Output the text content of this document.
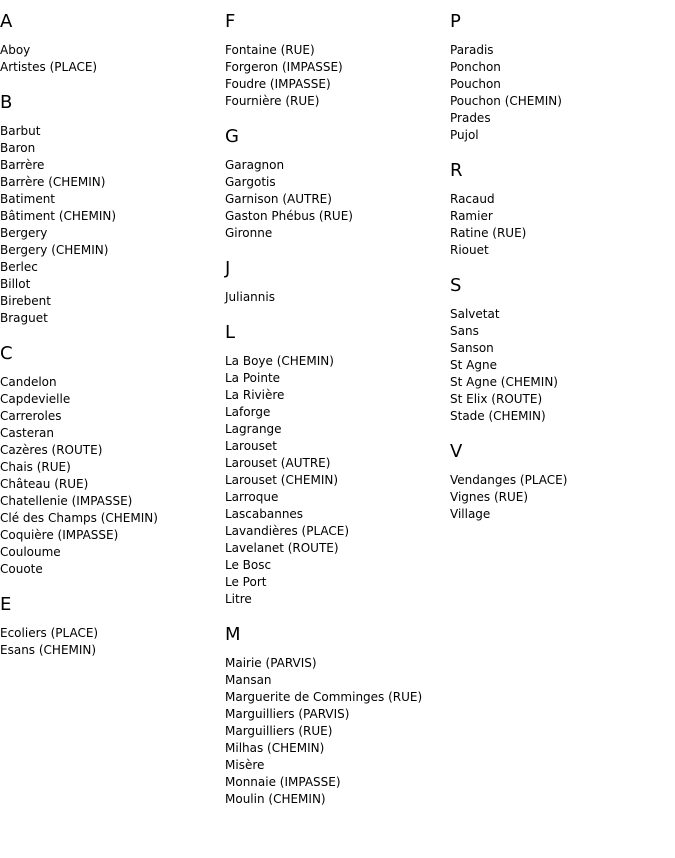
A
Aboy
Artistes (PLACE)
B
Barbut
Baron
Barrère
Barrère (CHEMIN)
Batiment
Bâtiment (CHEMIN)
Bergery
Bergery (CHEMIN)
Berlec
Billot
Birebent
Braguet
C
Candelon
Capdevielle
Carreroles
Casteran
Cazères (ROUTE)
Chais (RUE)
Château (RUE)
Chatellenie (IMPASSE)
Clé des Champs (CHEMIN)
Coquière (IMPASSE)
Couloume
Couote
E
Ecoliers (PLACE)
Esans (CHEMIN)
F
Fontaine (RUE)
Forgeron (IMPASSE)
Foudre (IMPASSE)
Fournière (RUE)
G
Garagnon
Gargotis
Garnison (AUTRE)
Gaston Phébus (RUE)
Gironne
J
Juliannis
L
La Boye (CHEMIN)
La Pointe
La Rivière
Laforge
Lagrange
Larouset
Larouset (AUTRE)
Larouset (CHEMIN)
Larroque
Lascabannes
Lavandières (PLACE)
Lavelanet (ROUTE)
Le Bosc
Le Port
Litre
M
Mairie (PARVIS)
Mansan
Marguerite de Comminges (RUE)
Marguilliers (PARVIS)
Marguilliers (RUE)
Milhas (CHEMIN)
Misère
Monnaie (IMPASSE)
Moulin (CHEMIN)
P
Paradis
Ponchon
Pouchon
Pouchon (CHEMIN)
Prades
Pujol
R
Racaud
Ramier
Ratine (RUE)
Riouet
S
Salvetat
Sans
Sanson
St Agne
St Agne (CHEMIN)
St Elix (ROUTE)
Stade (CHEMIN)
V
Vendanges (PLACE)
Vignes (RUE)
Village
